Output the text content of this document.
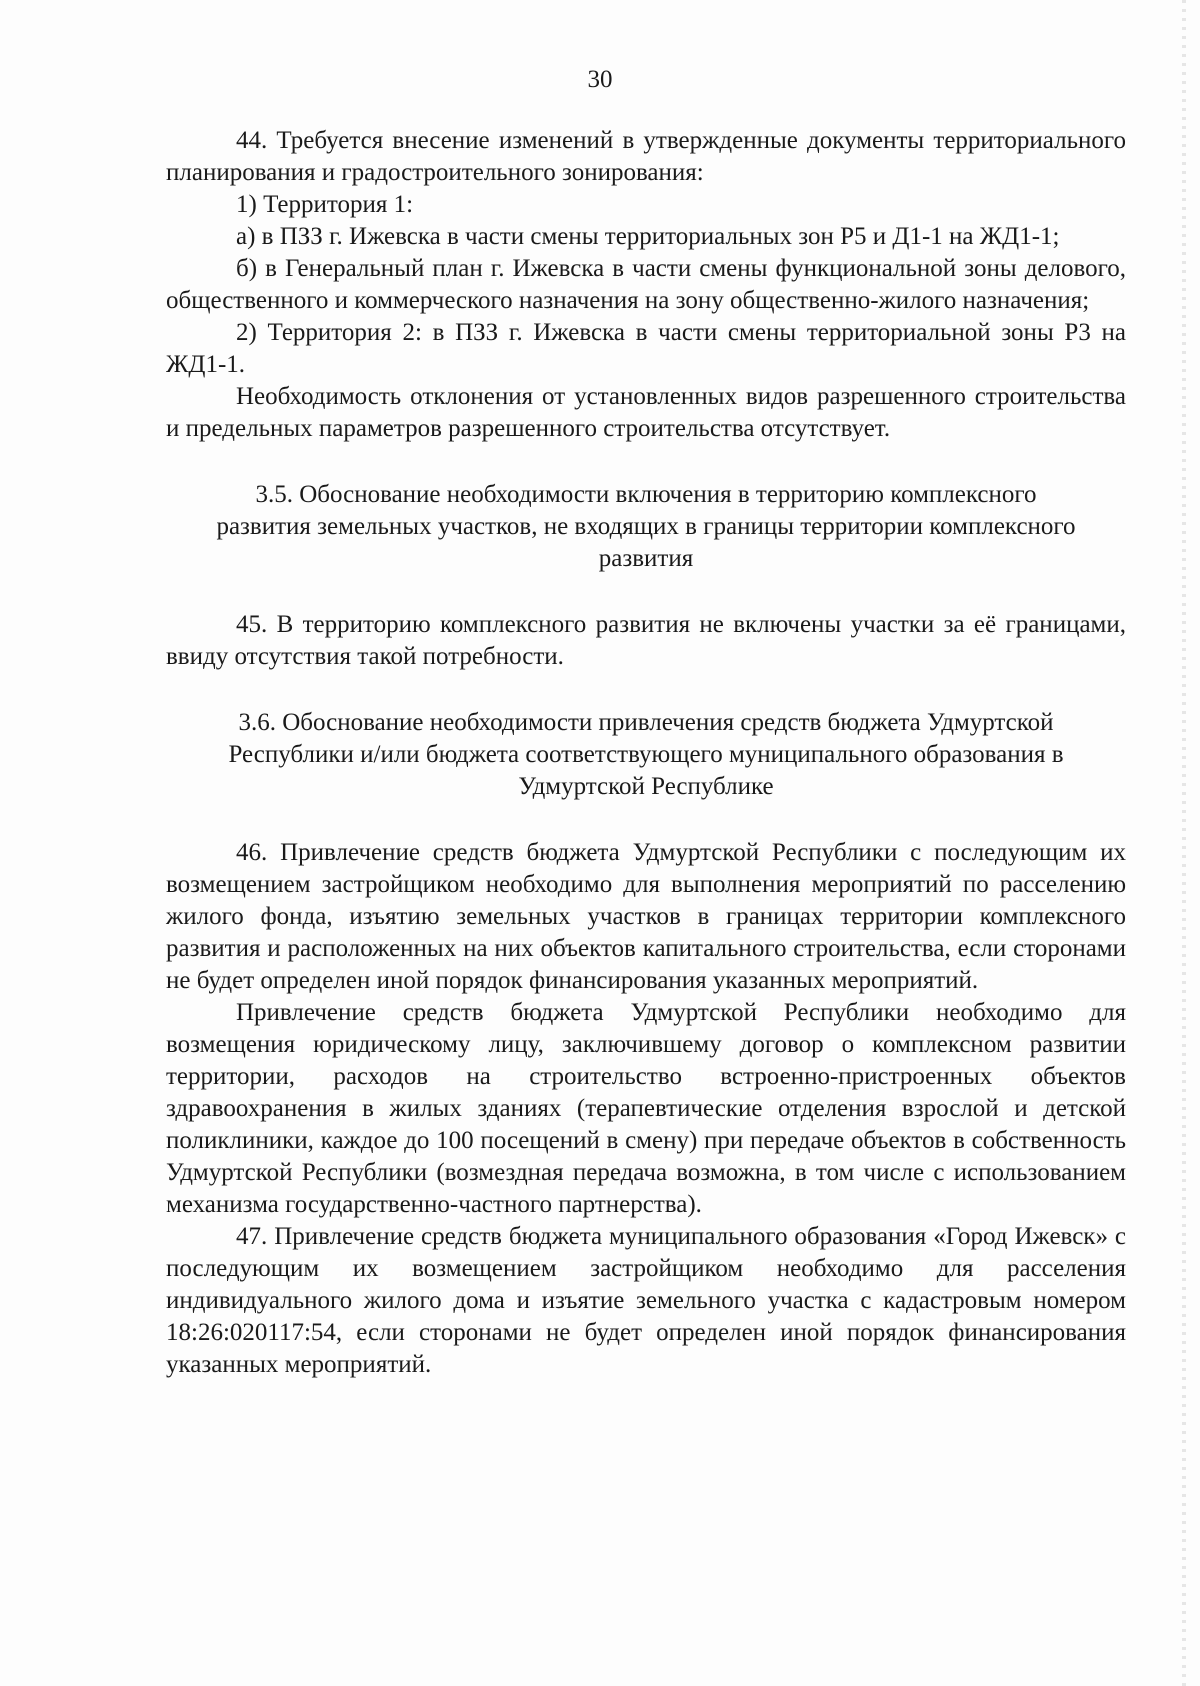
30

44. Требуется внесение изменений в утвержденные документы территориального планирования и градостроительного зонирования:

1) Территория 1:

а) в ПЗЗ г. Ижевска в части смены территориальных зон Р5 и Д1-1 на ЖД1-1;

б) в Генеральный план г. Ижевска в части смены функциональной зоны делового, общественного и коммерческого назначения на зону общественно-жилого назначения;

2) Территория 2: в ПЗЗ г. Ижевска в части смены территориальной зоны Р3 на ЖД1-1.

Необходимость отклонения от установленных видов разрешенного строительства и предельных параметров разрешенного строительства отсутствует.

3.5. Обоснование необходимости включения в территорию комплексного развития земельных участков, не входящих в границы территории комплексного развития

45. В территорию комплексного развития не включены участки за её границами, ввиду отсутствия такой потребности.

3.6. Обоснование необходимости привлечения средств бюджета Удмуртской Республики и/или бюджета соответствующего муниципального образования в Удмуртской Республике

46. Привлечение средств бюджета Удмуртской Республики с последующим их возмещением застройщиком необходимо для выполнения мероприятий по расселению жилого фонда, изъятию земельных участков в границах территории комплексного развития и расположенных на них объектов капитального строительства, если сторонами не будет определен иной порядок финансирования указанных мероприятий.

Привлечение средств бюджета Удмуртской Республики необходимо для возмещения юридическому лицу, заключившему договор о комплексном развитии территории, расходов на строительство встроенно-пристроенных объектов здравоохранения в жилых зданиях (терапевтические отделения взрослой и детской поликлиники, каждое до 100 посещений в смену) при передаче объектов в собственность Удмуртской Республики (возмездная передача возможна, в том числе с использованием механизма государственно-частного партнерства).

47. Привлечение средств бюджета муниципального образования «Город Ижевск» с последующим их возмещением застройщиком необходимо для расселения индивидуального жилого дома и изъятие земельного участка с кадастровым номером 18:26:020117:54, если сторонами не будет определен иной порядок финансирования указанных мероприятий.
